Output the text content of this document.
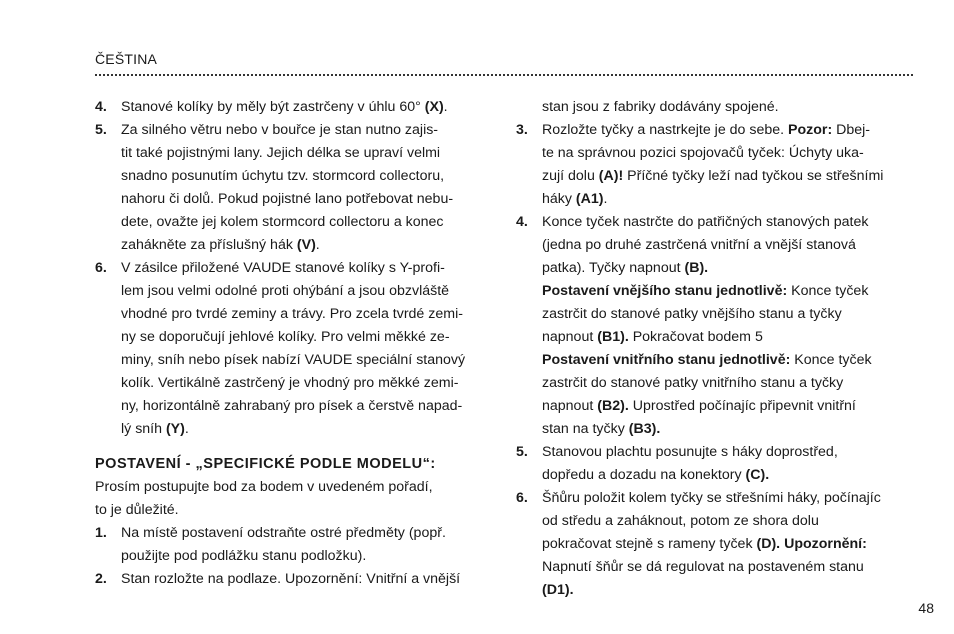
ČEŠTINA
4. Stanové kolíky by měly být zastrčeny v úhlu 60° (X).
5. Za silného větru nebo v bouřce je stan nutno zajis-
tit také pojistnými lany. Jejich délka se upraví velmi
snadno posunutím úchytu tzv. stormcord collectoru,
nahoru či dolů. Pokud pojistné lano potřebovat nebu-
dete, ovažte jej kolem stormcord collectoru a konec
zahákněte za příslušný hák (V).
6. V zásilce přiložené VAUDE stanové kolíky s Y-profi-
lem jsou velmi odolné proti ohýbání a jsou obzvláště
vhodné pro tvrdé zeminy a trávy. Pro zcela tvrdé zemi-
ny se doporučují jehlové kolíky. Pro velmi měkké ze-
miny, sníh nebo písek nabízí VAUDE speciální stanový
kolík. Vertikálně zastrčený je vhodný pro měkké zemi-
ny, horizontálně zahrabaný pro písek a čerstvě napad-
lý sníh (Y).
POSTAVENÍ - „SPECIFICKÉ PODLE MODELU“:
Prosím postupujte bod za bodem v uvedeném pořadí,
to je důležité.
1. Na místě postavení odstraňte ostré předměty (popř.
použijte pod podlážku stanu podložku).
2. Stan rozložte na podlaze. Upozornění: Vnitřní a vnější
stan jsou z fabriky dodávány spojené.
3. Rozložte tyčky a nastrkejte je do sebe. Pozor: Dbej-
te na správnou pozici spojovačů tyček: Úchyty uka-
zují dolu (A)! Příčné tyčky leží nad tyčkou se střešními
háky (A1).
4. Konce tyček nastrčte do patřičných stanových patek
(jedna po druhé zastrčená vnitřní a vnější stanová
patka). Tyčky napnout (B).
Postavení vnějšího stanu jednotlivě: Konce tyček
zastrčit do stanové patky vnějšího stanu a tyčky
napnout (B1). Pokračovat bodem 5
Postavení vnitřního stanu jednotlivě: Konce tyček
zastrčit do stanové patky vnitřního stanu a tyčky
napnout (B2). Uprostřed počínajíc připevnit vnitřní
stan na tyčky (B3).
5. Stanovou plachtu posunujte s háky doprostřed,
dopředu a dozadu na konektory (C).
6. Šňůru položit kolem tyčky se střešními háky, počínajíc
od středu a zaháknout, potom ze shora dolu
pokračovat stejně s rameny tyček (D). Upozornění:
Napnutí šňůr se dá regulovat na postaveném stanu
(D1).
48
